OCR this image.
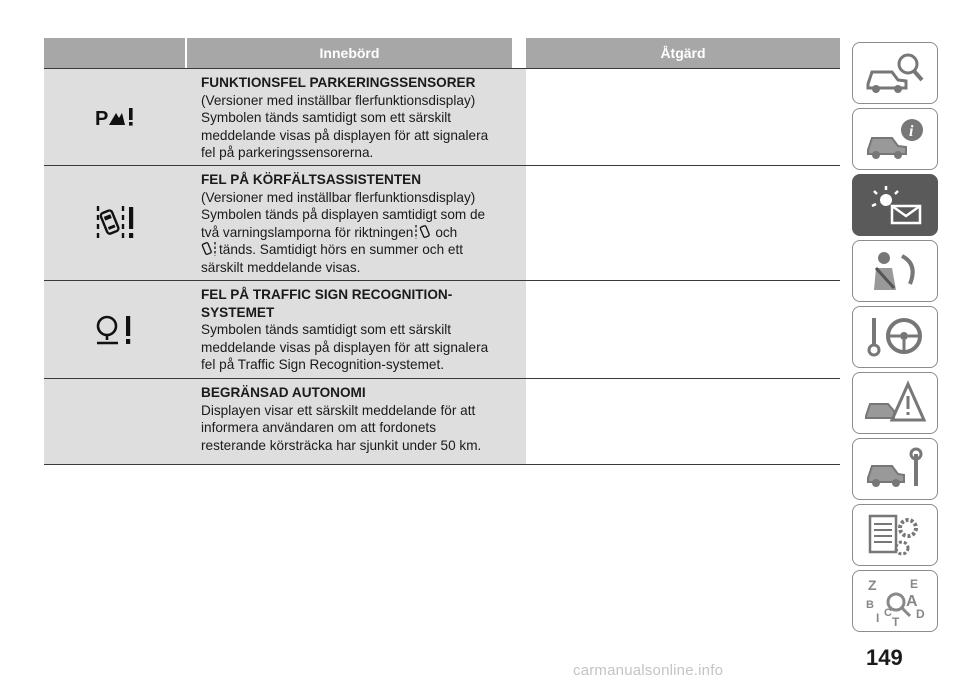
Innebörd	Åtgärd
P
FUNKTIONSFEL PARKERINGSSENSORER
(Versioner med inställbar flerfunktionsdisplay)
Symbolen tänds samtidigt som ett särskilt
meddelande visas på displayen för att signalera
fel på parkeringssensorerna.
FEL PÅ KÖRFÄLTSASSISTENTEN
(Versioner med inställbar flerfunktionsdisplay)
Symbolen tänds på displayen samtidigt som de
två varningslamporna för riktningen och
tänds. Samtidigt hörs en summer och ett
särskilt meddelande visas.
FEL PÅ TRAFFIC SIGN RECOGNITION-
SYSTEMET
Symbolen tänds samtidigt som ett särskilt
meddelande visas på displayen för att signalera
fel på Traffic Sign Recognition-systemet.
BEGRÄNSAD AUTONOMI
Displayen visar ett särskilt meddelande för att
informera användaren om att fordonets
resterande körsträcka har sjunkit under 50 km.
i
Z	E
B A
I C
T
D
149
carmanualsonline.info
